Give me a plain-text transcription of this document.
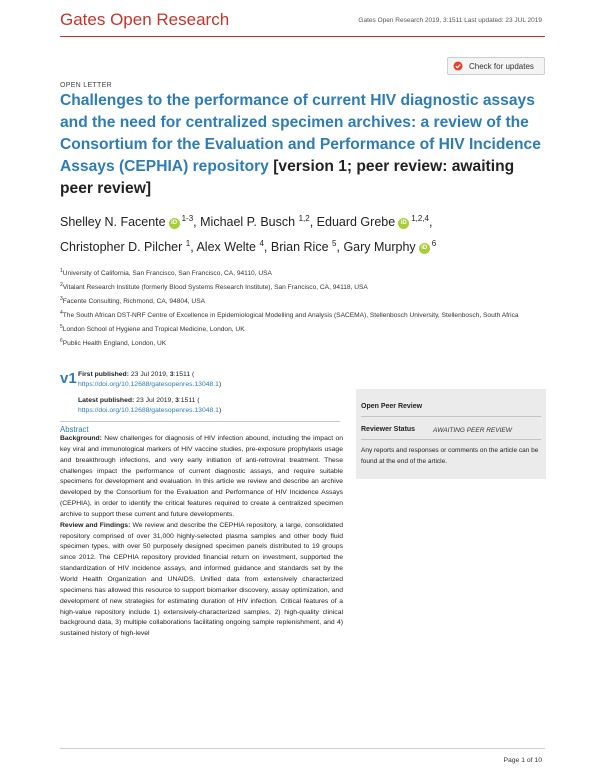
Gates Open Research	Gates Open Research 2019, 3:1511 Last updated: 23 JUL 2019
Check for updates
OPEN LETTER
Challenges to the performance of current HIV diagnostic assays and the need for centralized specimen archives: a review of the Consortium for the Evaluation and Performance of HIV Incidence Assays (CEPHIA) repository [version 1; peer review: awaiting peer review]
Shelley N. Facente $iD^{1-3}$, Michael P. Busch $^{1,2}$, Eduard Grebe iD$^{1,2,4}$,
Christopher D. Pilcher $^1$, Alex Welte $^4$, Brian Rice $^5$, Gary Murphy $iD^6$
$^1$University of California, San Francisco, San Francisco, CA, 94110, USA
$^2$Vitalant Research Institute (formerly Blood Systems Research Institute), San Francisco, CA, 94118, USA
$^3$Facente Consulting, Richmond, CA, 94804, USA
$^4$The South African DST-NRF Centre of Excellence in Epidemiological Modelling and Analysis (SACEMA), Stellenbosch University, Stellenbosch, South Africa
$^5$London School of Hygiene and Tropical Medicine, London, UK
$^6$Public Health England, London, UK
v1 First published: 23 Jul 2019, 3:1511 (
https://doi.org/10.12688/gatesopenres.13048.1)
Latest published: 23 Jul 2019, 3:1511 (
https://doi.org/10.12688/gatesopenres.13048.1)
Abstract
Background: New challenges for diagnosis of HIV infection abound, including the impact on key viral and immunological markers of HIV vaccine studies, pre-exposure prophylaxis usage and breakthrough infections, and very early initiation of anti-retroviral treatment. These challenges impact the performance of current diagnostic assays, and require suitable specimens for development and evaluation. In this article we review and describe an archive developed by the Consortium for the Evaluation and Performance of HIV Incidence Assays (CEPHIA), in order to identify the critical features required to create a centralized specimen archive to support these current and future developments.
Review and Findings: We review and describe the CEPHIA repository, a large, consolidated repository comprised of over 31,000 highly-selected plasma samples and other body fluid specimen types, with over 50 purposely designed specimen panels distributed to 19 groups since 2012. The CEPHIA repository provided financial return on investment, supported the standardization of HIV incidence assays, and informed guidance and standards set by the World Health Organization and UNAIDS. Unified data from extensively characterized specimens has allowed this resource to support biomarker discovery, assay optimization, and development of new strategies for estimating duration of HIV infection. Critical features of a high-value repository include 1) extensively-characterized samples, 2) high-quality clinical background data, 3) multiple collaborations facilitating ongoing sample replenishment, and 4) sustained history of high-level
Open Peer Review
Reviewer Status	AWAITING PEER REVIEW
Any reports and responses or comments on the article can be found at the end of the article.
Page 1 of 10
